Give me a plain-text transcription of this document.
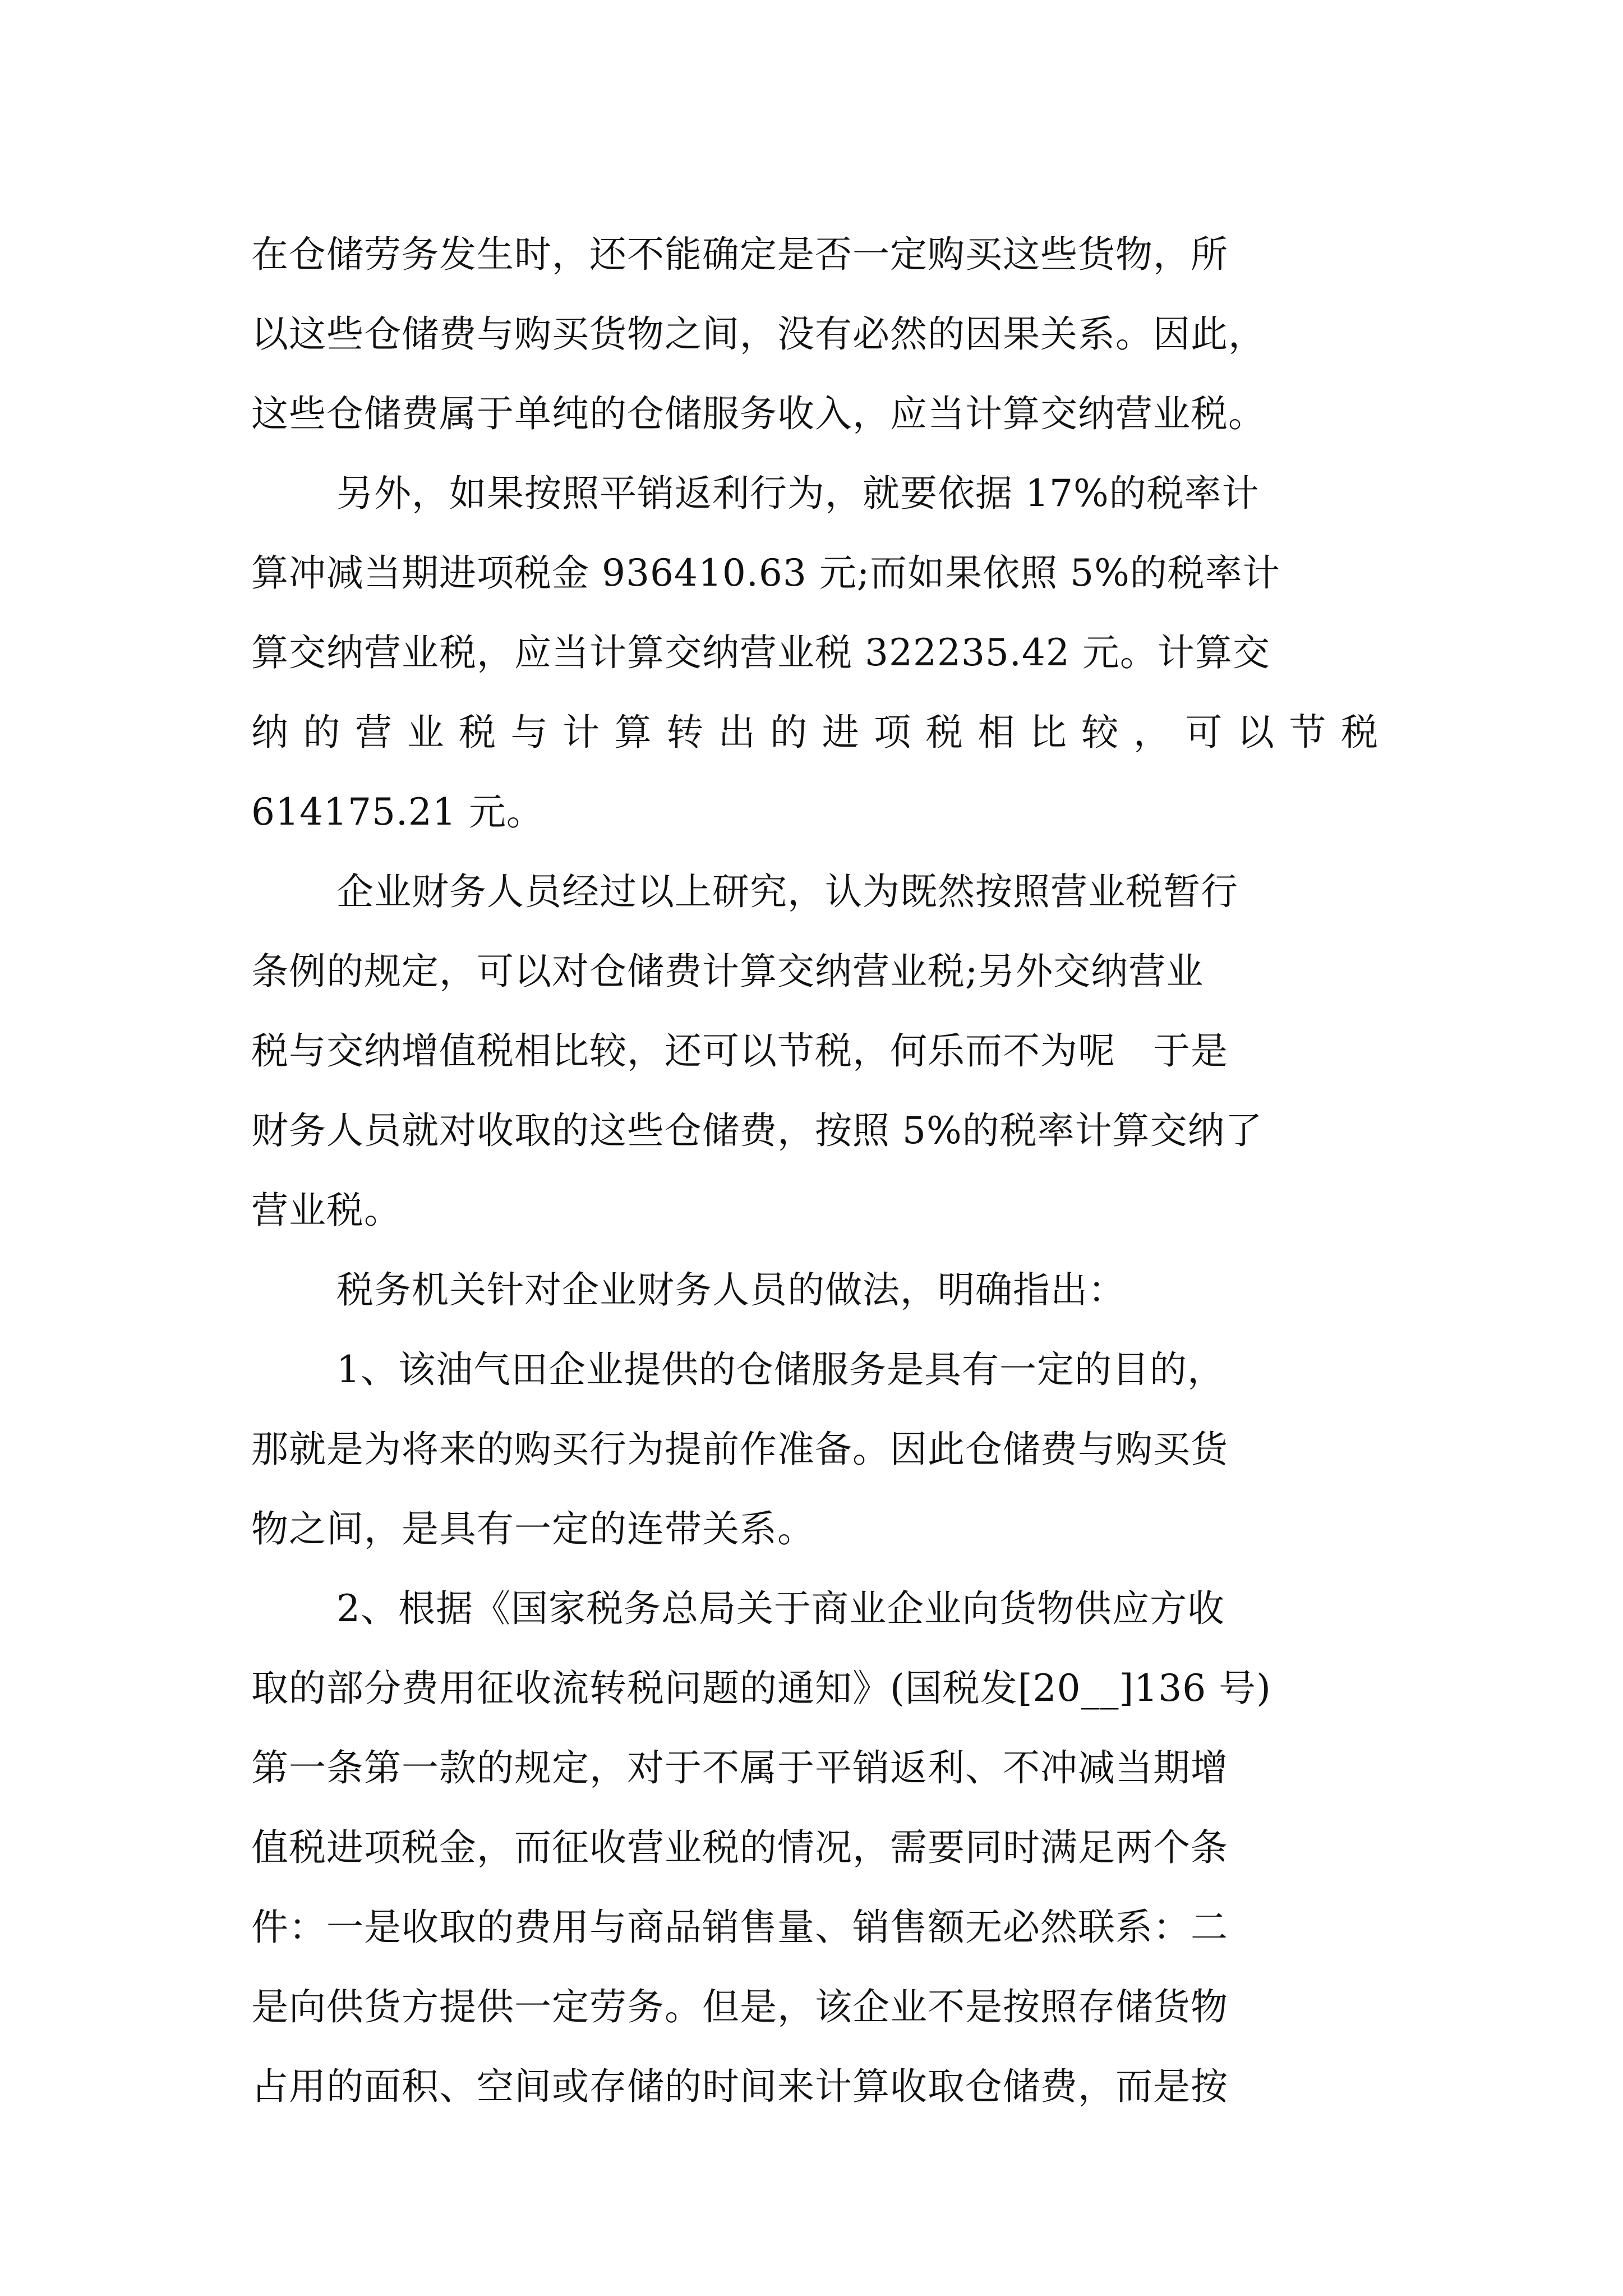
在仓储劳务发生时，还不能确定是否一定购买这些货物，所
以这些仓储费与购买货物之间，没有必然的因果关系。因此，
这些仓储费属于单纯的仓储服务收入，应当计算交纳营业税。
另外，如果按照平销返利行为，就要依据 17%的税率计
算冲减当期进项税金 936410.63 元;而如果依照 5%的税率计
算交纳营业税，应当计算交纳营业税 322235.42 元。计算交
纳的营业税与计算转出的进项税相比较，可以节税
614175.21 元。
企业财务人员经过以上研究，认为既然按照营业税暂行
条例的规定，可以对仓储费计算交纳营业税;另外交纳营业
税与交纳增值税相比较，还可以节税，何乐而不为呢　于是
财务人员就对收取的这些仓储费，按照 5%的税率计算交纳了
营业税。
税务机关针对企业财务人员的做法，明确指出：
1、该油气田企业提供的仓储服务是具有一定的目的，
那就是为将来的购买行为提前作准备。因此仓储费与购买货
物之间，是具有一定的连带关系。
2、根据《国家税务总局关于商业企业向货物供应方收
取的部分费用征收流转税问题的通知》(国税发[20__]136 号)
第一条第一款的规定，对于不属于平销返利、不冲减当期增
值税进项税金，而征收营业税的情况，需要同时满足两个条
件：一是收取的费用与商品销售量、销售额无必然联系：二
是向供货方提供一定劳务。但是，该企业不是按照存储货物
占用的面积、空间或存储的时间来计算收取仓储费，而是按
